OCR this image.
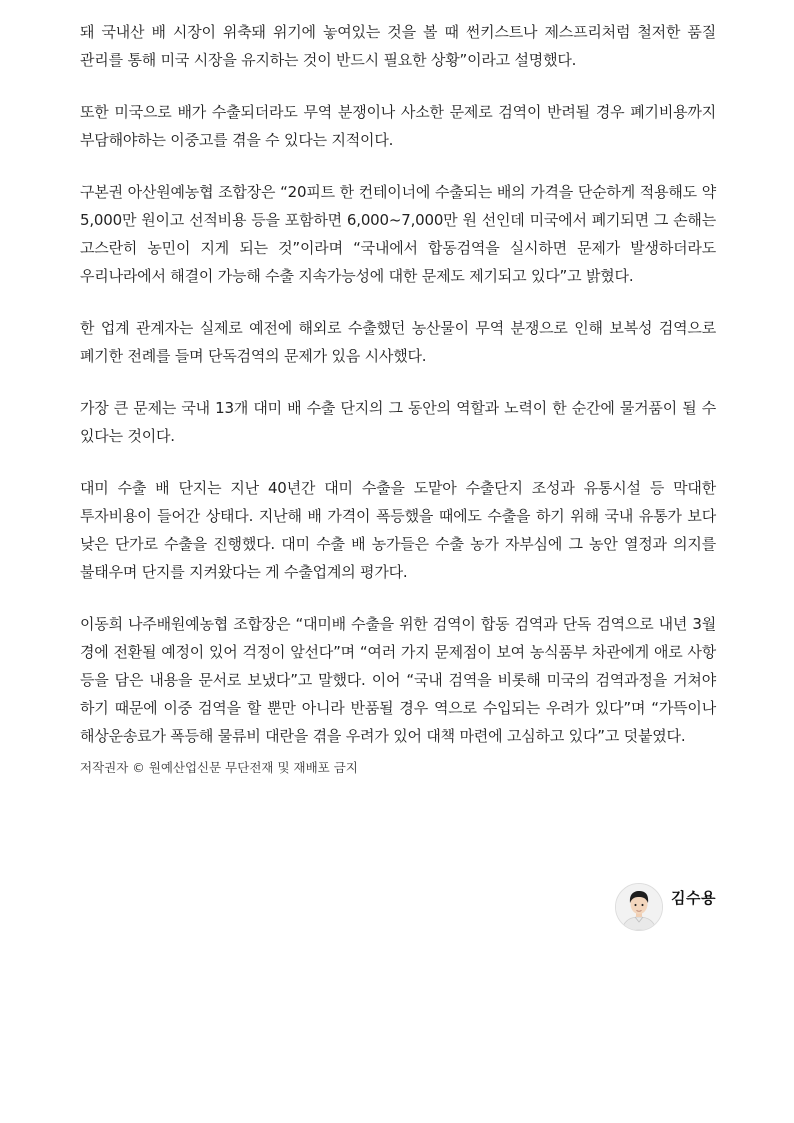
돼 국내산 배 시장이 위축돼 위기에 놓여있는 것을 볼 때 썬키스트나 제스프리처럼 철저한 품질 관리를 통해 미국 시장을 유지하는 것이 반드시 필요한 상황”이라고 설명했다.

또한 미국으로 배가 수출되더라도 무역 분쟁이나 사소한 문제로 검역이 반려될 경우 폐기비용까지 부담해야하는 이중고를 겪을 수 있다는 지적이다.

구본권 아산원예농협 조합장은 “20피트 한 컨테이너에 수출되는 배의 가격을 단순하게 적용해도 약 5,000만 원이고 선적비용 등을 포함하면 6,000~7,000만 원 선인데 미국에서 폐기되면 그 손해는 고스란히 농민이 지게 되는 것”이라며 “국내에서 합동검역을 실시하면 문제가 발생하더라도 우리나라에서 해결이 가능해 수출 지속가능성에 대한 문제도 제기되고 있다”고 밝혔다.

한 업계 관계자는 실제로 예전에 해외로 수출했던 농산물이 무역 분쟁으로 인해 보복성 검역으로 폐기한 전례를 들며 단독검역의 문제가 있음 시사했다.

가장 큰 문제는 국내 13개 대미 배 수출 단지의 그 동안의 역할과 노력이 한 순간에 물거품이 될 수 있다는 것이다.

대미 수출 배 단지는 지난 40년간 대미 수출을 도맡아 수출단지 조성과 유통시설 등 막대한 투자비용이 들어간 상태다. 지난해 배 가격이 폭등했을 때에도 수출을 하기 위해 국내 유통가 보다 낮은 단가로 수출을 진행했다. 대미 수출 배 농가들은 수출 농가 자부심에 그 농안 열정과 의지를 불태우며 단지를 지켜왔다는 게 수출업계의 평가다.

이동희 나주배원예농협 조합장은 “대미배 수출을 위한 검역이 합동 검역과 단독 검역으로 내년 3월 경에 전환될 예정이 있어 걱정이 앞선다”며 “여러 가지 문제점이 보여 농식품부 차관에게 애로 사항 등을 담은 내용을 문서로 보냈다”고 말했다. 이어 “국내 검역을 비롯해 미국의 검역과정을 거쳐야 하기 때문에 이중 검역을 할 뿐만 아니라 반품될 경우 역으로 수입되는 우려가 있다”며 “가뜩이나 해상운송료가 폭등해 물류비 대란을 겪을 우려가 있어 대책 마련에 고심하고 있다”고 덧붙였다.

저작권자 © 원예산업신문 무단전재 및 재배포 금지

김수용
